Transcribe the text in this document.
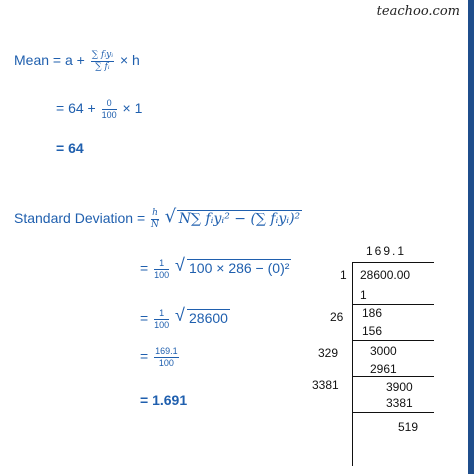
teachoo.com
Mean = $a + \frac{\text{∑ fᵢyᵢ}}{\text{∑ fᵢ}} \times h$
= $64 + \frac{0}{100} \times 1$
= 64
Standard Deviation = $\frac{h}{N}$ √ N∑ fᵢyᵢ² − (∑ fᵢyᵢ)²
= $\frac{1}{100}$ √ 100 × 286 − (0)²
= $\frac{1}{100}$ √ 28600
= $\frac{169.1}{100}$
= 1.691
169.1
1 28600.00
1
26 186
156
329	3000
2961
3381	3900
3381
519
